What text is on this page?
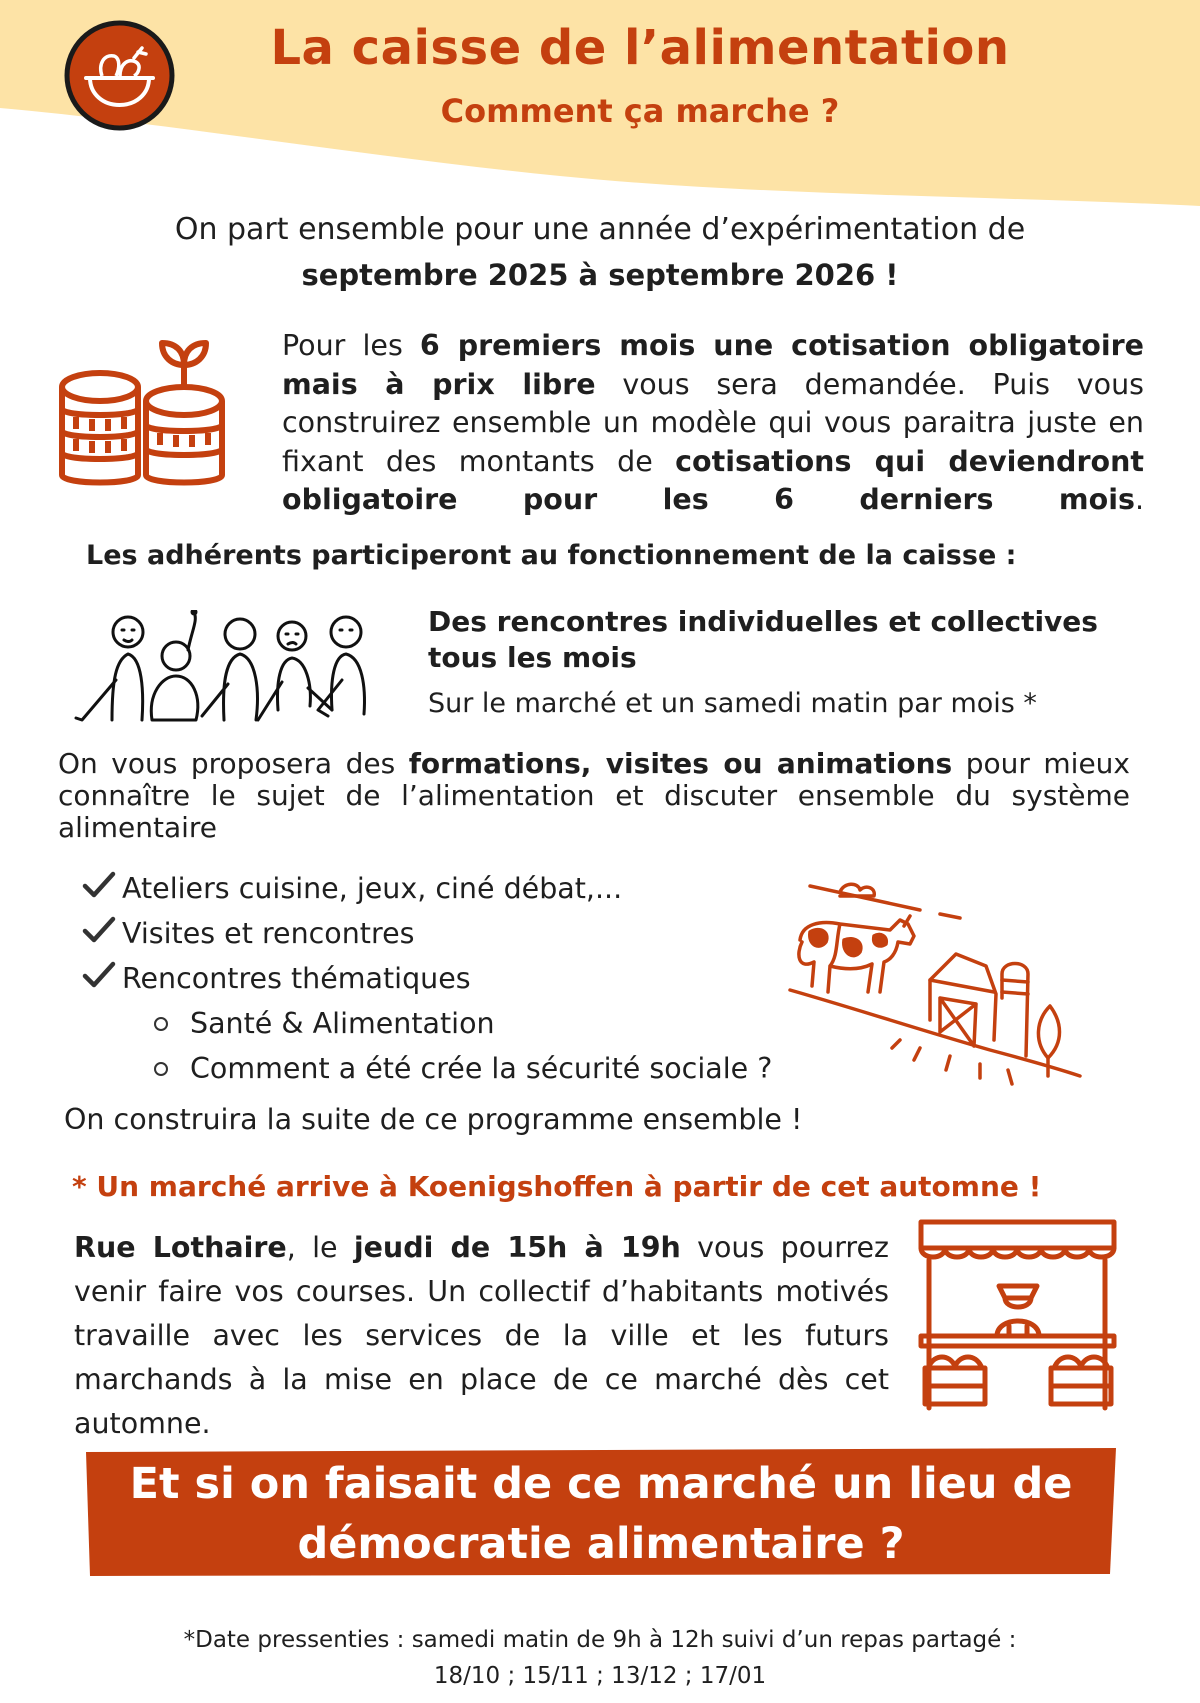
La caisse de l’alimentation
Comment ça marche ?
On part ensemble pour une année d’expérimentation de
septembre 2025 à septembre 2026 !
Pour les 6 premiers mois une cotisation obligatoire mais à prix libre vous sera demandée. Puis vous construirez ensemble un modèle qui vous paraitra juste en fixant des montants de cotisations qui deviendront obligatoire pour les 6 derniers mois.
Les adhérents participeront au fonctionnement de la caisse :
Des rencontres individuelles et collectives tous les mois
Sur le marché et un samedi matin par mois *
On vous proposera des formations, visites ou animations pour mieux connaître le sujet de l’alimentation et discuter ensemble du système alimentaire
Ateliers cuisine, jeux, ciné débat,...
Visites et rencontres
Rencontres thématiques
Santé & Alimentation
Comment a été crée la sécurité sociale ?
On construira la suite de ce programme ensemble !
* Un marché arrive à Koenigshoffen à partir de cet automne !
Rue Lothaire, le jeudi de 15h à 19h vous pourrez venir faire vos courses. Un collectif d’habitants motivés travaille avec les services de la ville et les futurs marchands à la mise en place de ce marché dès cet automne.
Et si on faisait de ce marché un lieu de
démocratie alimentaire ?
*Date pressenties : samedi matin de 9h à 12h suivi d’un repas partagé :
18/10 ; 15/11 ; 13/12 ; 17/01
